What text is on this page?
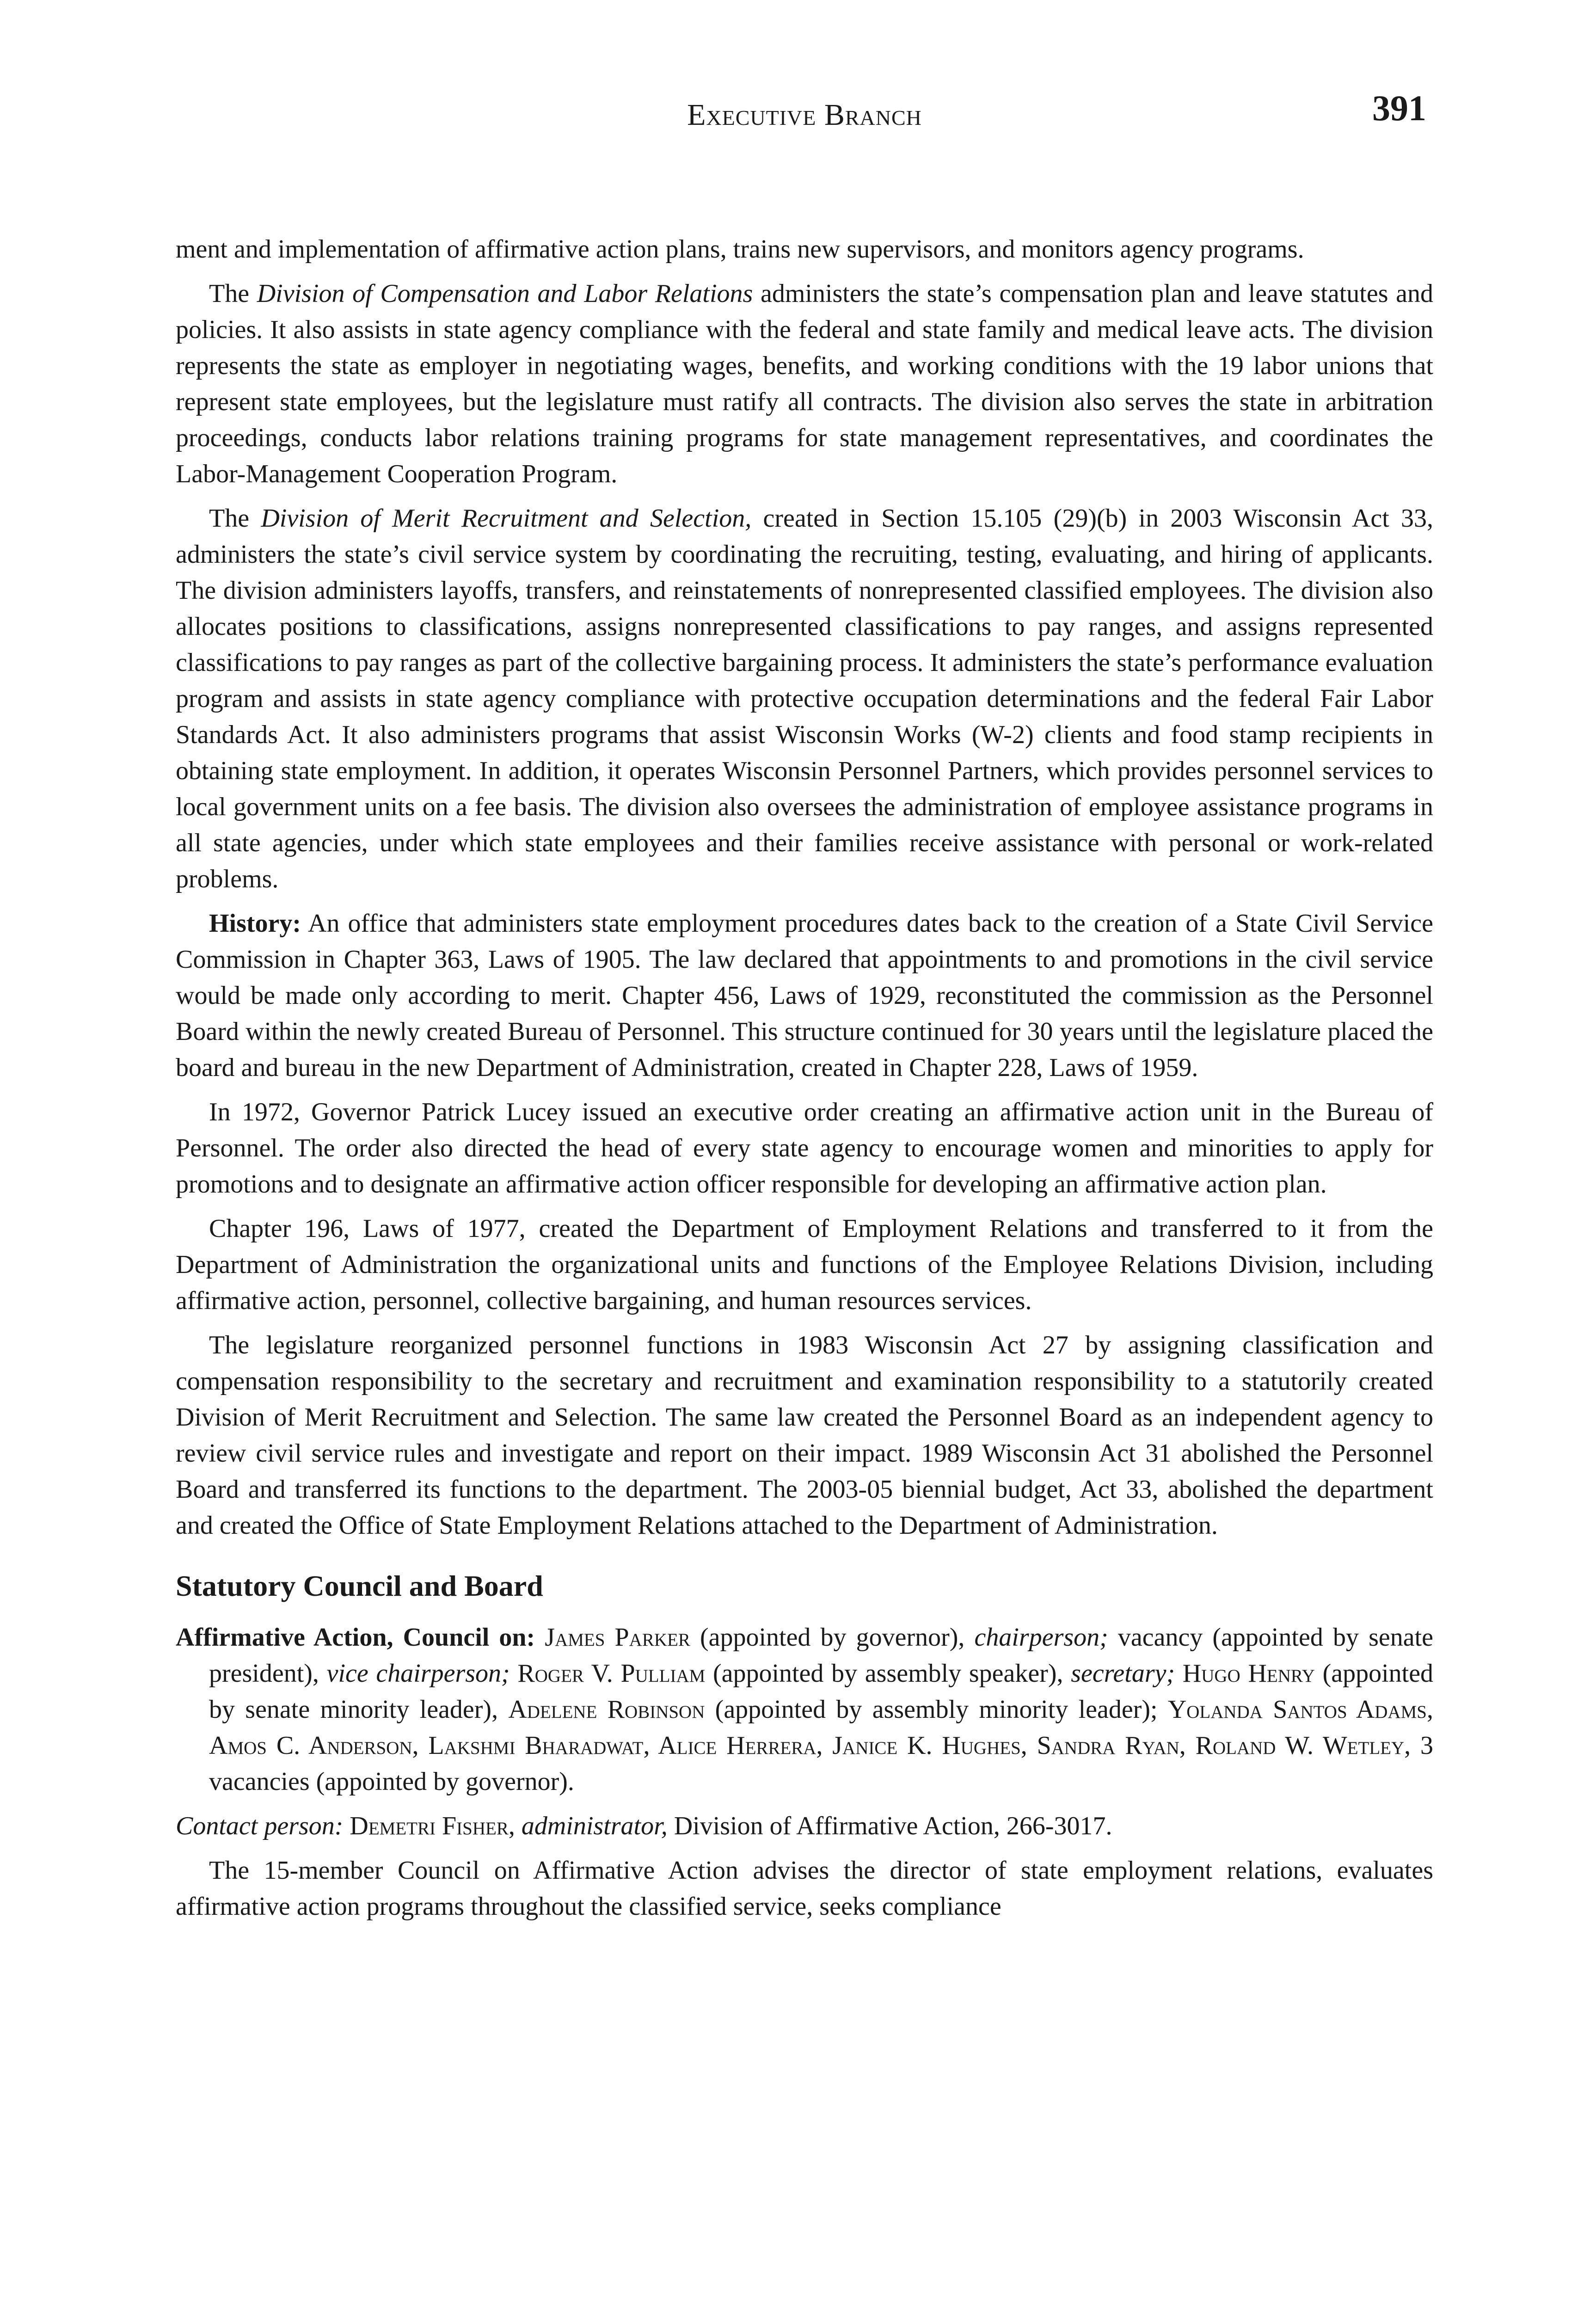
Executive Branch	391

ment and implementation of affirmative action plans, trains new supervisors, and monitors agency programs.

The Division of Compensation and Labor Relations administers the state’s compensation plan and leave statutes and policies. It also assists in state agency compliance with the federal and state family and medical leave acts. The division represents the state as employer in negotiating wages, benefits, and working conditions with the 19 labor unions that represent state employees, but the legislature must ratify all contracts. The division also serves the state in arbitration proceedings, conducts labor relations training programs for state management representatives, and coordinates the Labor-Management Cooperation Program.

The Division of Merit Recruitment and Selection, created in Section 15.105 (29)(b) in 2003 Wisconsin Act 33, administers the state’s civil service system by coordinating the recruiting, testing, evaluating, and hiring of applicants. The division administers layoffs, transfers, and reinstatements of nonrepresented classified employees. The division also allocates positions to classifications, assigns nonrepresented classifications to pay ranges, and assigns represented classifications to pay ranges as part of the collective bargaining process. It administers the state’s performance evaluation program and assists in state agency compliance with protective occupation determinations and the federal Fair Labor Standards Act. It also administers programs that assist Wisconsin Works (W-2) clients and food stamp recipients in obtaining state employment. In addition, it operates Wisconsin Personnel Partners, which provides personnel services to local government units on a fee basis. The division also oversees the administration of employee assistance programs in all state agencies, under which state employees and their families receive assistance with personal or work-related problems.

History: An office that administers state employment procedures dates back to the creation of a State Civil Service Commission in Chapter 363, Laws of 1905. The law declared that appointments to and promotions in the civil service would be made only according to merit. Chapter 456, Laws of 1929, reconstituted the commission as the Personnel Board within the newly created Bureau of Personnel. This structure continued for 30 years until the legislature placed the board and bureau in the new Department of Administration, created in Chapter 228, Laws of 1959.

In 1972, Governor Patrick Lucey issued an executive order creating an affirmative action unit in the Bureau of Personnel. The order also directed the head of every state agency to encourage women and minorities to apply for promotions and to designate an affirmative action officer responsible for developing an affirmative action plan.

Chapter 196, Laws of 1977, created the Department of Employment Relations and transferred to it from the Department of Administration the organizational units and functions of the Employee Relations Division, including affirmative action, personnel, collective bargaining, and human resources services.

The legislature reorganized personnel functions in 1983 Wisconsin Act 27 by assigning classification and compensation responsibility to the secretary and recruitment and examination responsibility to a statutorily created Division of Merit Recruitment and Selection. The same law created the Personnel Board as an independent agency to review civil service rules and investigate and report on their impact. 1989 Wisconsin Act 31 abolished the Personnel Board and transferred its functions to the department. The 2003-05 biennial budget, Act 33, abolished the department and created the Office of State Employment Relations attached to the Department of Administration.

Statutory Council and Board

Affirmative Action, Council on: James Parker (appointed by governor), chairperson; vacancy (appointed by senate president), vice chairperson; Roger V. Pulliam (appointed by assembly speaker), secretary; Hugo Henry (appointed by senate minority leader), Adelene Robinson (appointed by assembly minority leader); Yolanda Santos Adams, Amos C. Anderson, Lakshmi Bharadwat, Alice Herrera, Janice K. Hughes, Sandra Ryan, Roland W. Wetley, 3 vacancies (appointed by governor).

Contact person: Demetri Fisher, administrator, Division of Affirmative Action, 266-3017.

The 15-member Council on Affirmative Action advises the director of state employment relations, evaluates affirmative action programs throughout the classified service, seeks compliance
